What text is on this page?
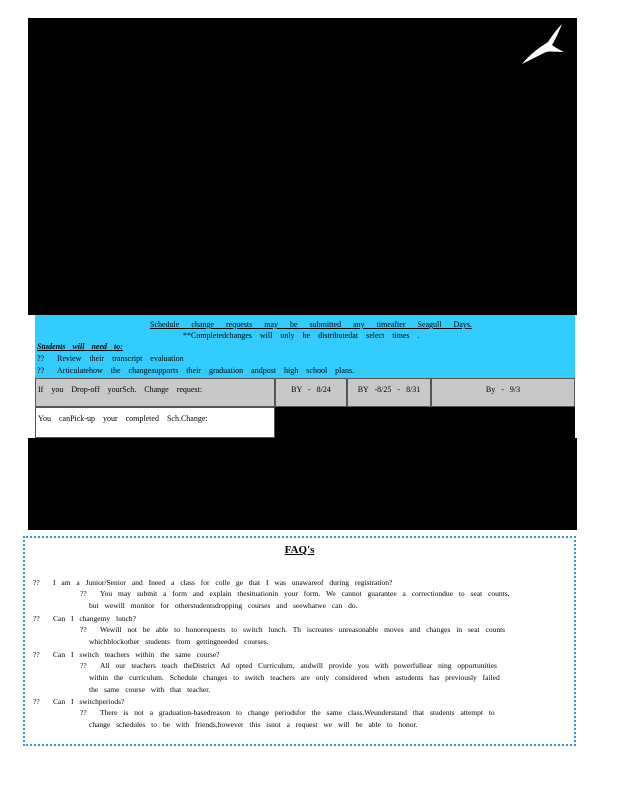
Schedule change requests may be submitted any timeafter Seagull Days.
**Completedchanges will only be distributedat select times .
Students will need to:
?? Review their transcript evaluation
?? Articulatehow the changesupports their graduation andpost high school plans.
If you Drop-off yourSch. Change request:	BY - 8/24	BY -8/25 - 8/31	By - 9/3
You canPick-up your completed Sch.Change:
FAQ's
?? I am a Junior/Senior and Ineed a class for colle ge that I was unawareof during registration?
?? You may submit a form and explain thesituationin your form. We cannot guarantee a correctiondue to seat counts,
but wewill monitor for otherstudentsdropping courses and seewhatwe can do.
?? Can I changemy lunch?
?? Wewill not be able to honorequests to switch lunch. Th iscreates unreasonable moves and changes in seat counts
whichblockother students from gettingneeded courses.
?? Can I switch teachers within the same course?
?? All our teachers teach theDistrict Ad opted Curriculum, andwill provide you with powerfullear ning opportunities
within the curriculum. Schedule changes to switch teachers are only considered when astudents has previously failed
the same course with that teacher.
?? Can I switchperiods?
?? There is not a graduation-basedreason to change periodsfor the same class.Weunderstand that students attempt to
change schedules to be with friends,however this isnot a request we will be able to honor.
